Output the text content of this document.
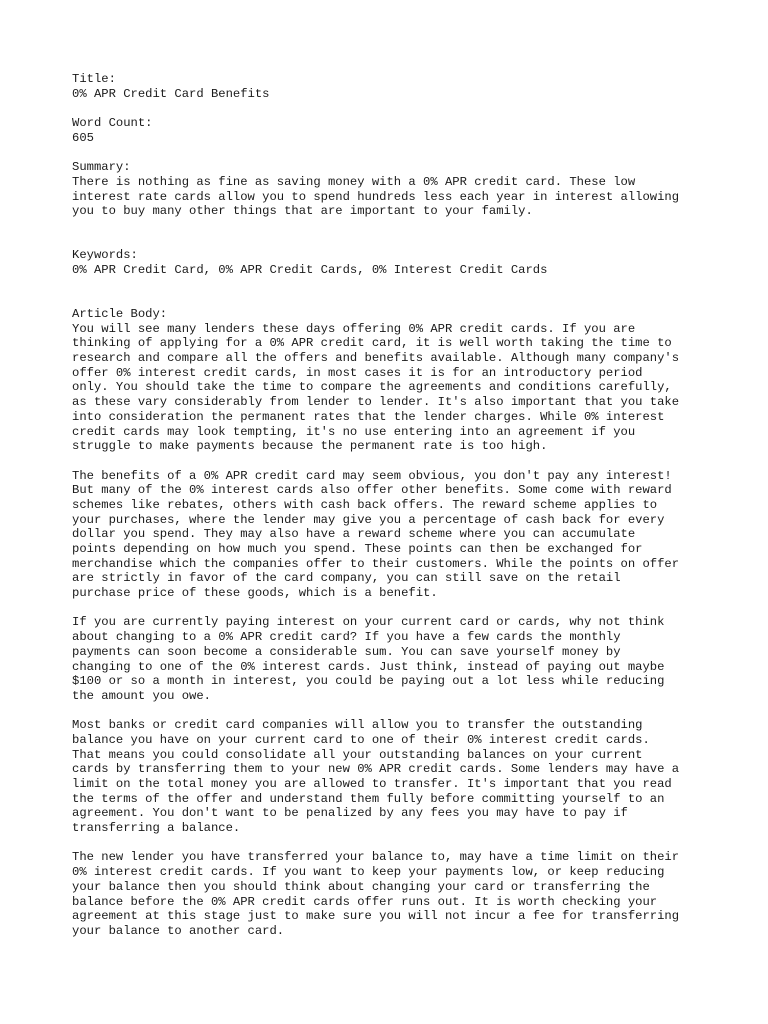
Title:
0% APR Credit Card Benefits
Word Count:
605
Summary:
There is nothing as fine as saving money with a 0% APR credit card. These low
interest rate cards allow you to spend hundreds less each year in interest allowing
you to buy many other things that are important to your family.
Keywords:
0% APR Credit Card, 0% APR Credit Cards, 0% Interest Credit Cards
Article Body:
You will see many lenders these days offering 0% APR credit cards. If you are
thinking of applying for a 0% APR credit card, it is well worth taking the time to
research and compare all the offers and benefits available. Although many company's
offer 0% interest credit cards, in most cases it is for an introductory period
only. You should take the time to compare the agreements and conditions carefully,
as these vary considerably from lender to lender. It's also important that you take
into consideration the permanent rates that the lender charges. While 0% interest
credit cards may look tempting, it's no use entering into an agreement if you
struggle to make payments because the permanent rate is too high.
The benefits of a 0% APR credit card may seem obvious, you don't pay any interest!
But many of the 0% interest cards also offer other benefits. Some come with reward
schemes like rebates, others with cash back offers. The reward scheme applies to
your purchases, where the lender may give you a percentage of cash back for every
dollar you spend. They may also have a reward scheme where you can accumulate
points depending on how much you spend. These points can then be exchanged for
merchandise which the companies offer to their customers. While the points on offer
are strictly in favor of the card company, you can still save on the retail
purchase price of these goods, which is a benefit.
If you are currently paying interest on your current card or cards, why not think
about changing to a 0% APR credit card? If you have a few cards the monthly
payments can soon become a considerable sum. You can save yourself money by
changing to one of the 0% interest cards. Just think, instead of paying out maybe
$100 or so a month in interest, you could be paying out a lot less while reducing
the amount you owe.
Most banks or credit card companies will allow you to transfer the outstanding
balance you have on your current card to one of their 0% interest credit cards.
That means you could consolidate all your outstanding balances on your current
cards by transferring them to your new 0% APR credit cards. Some lenders may have a
limit on the total money you are allowed to transfer. It's important that you read
the terms of the offer and understand them fully before committing yourself to an
agreement. You don't want to be penalized by any fees you may have to pay if
transferring a balance.
The new lender you have transferred your balance to, may have a time limit on their
0% interest credit cards. If you want to keep your payments low, or keep reducing
your balance then you should think about changing your card or transferring the
balance before the 0% APR credit cards offer runs out. It is worth checking your
agreement at this stage just to make sure you will not incur a fee for transferring
your balance to another card.
